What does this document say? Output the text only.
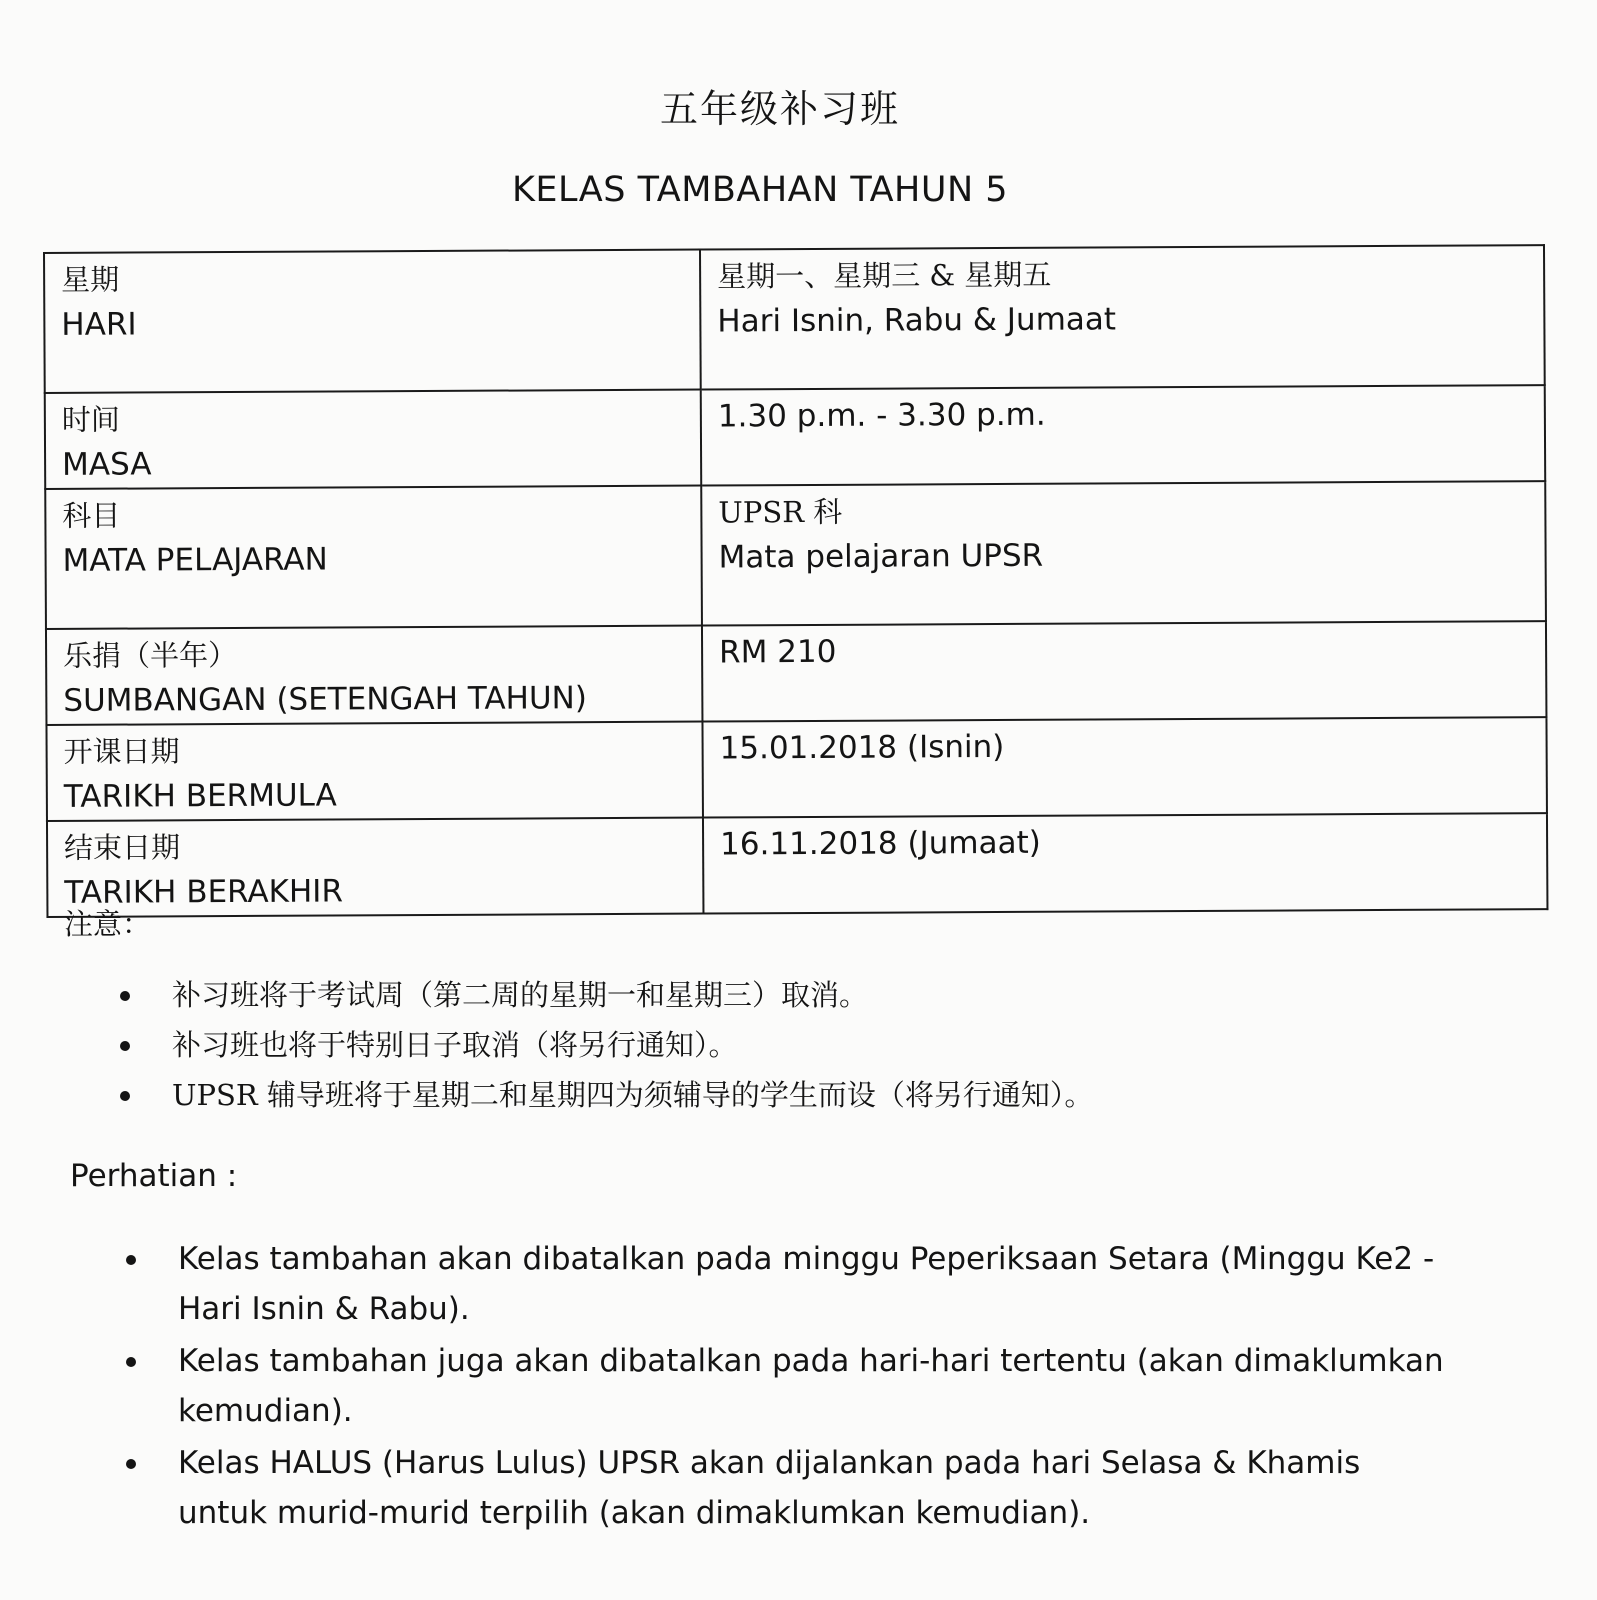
五年级补习班
KELAS TAMBAHAN TAHUN 5
星期
HARI	星期一、星期三 & 星期五
Hari Isnin, Rabu & Jumaat

时间
MASA	1.30 p.m. - 3.30 p.m.

科目
MATA PELAJARAN	UPSR 科
Mata pelajaran UPSR

乐捐（半年）
SUMBANGAN (SETENGAH TAHUN)	RM 210

开课日期
TARIKH BERMULA	15.01.2018 (Isnin)

结束日期
TARIKH BERAKHIR	16.11.2018 (Jumaat)
注意：
补习班将于考试周（第二周的星期一和星期三）取消。
补习班也将于特别日子取消（将另行通知）。
UPSR 辅导班将于星期二和星期四为须辅导的学生而设（将另行通知）。
Perhatian :
Kelas tambahan akan dibatalkan pada minggu Peperiksaan Setara (Minggu Ke2 - Hari Isnin & Rabu).
Kelas tambahan juga akan dibatalkan pada hari-hari tertentu (akan dimaklumkan kemudian).
Kelas HALUS (Harus Lulus) UPSR akan dijalankan pada hari Selasa & Khamis untuk murid-murid terpilih (akan dimaklumkan kemudian).
